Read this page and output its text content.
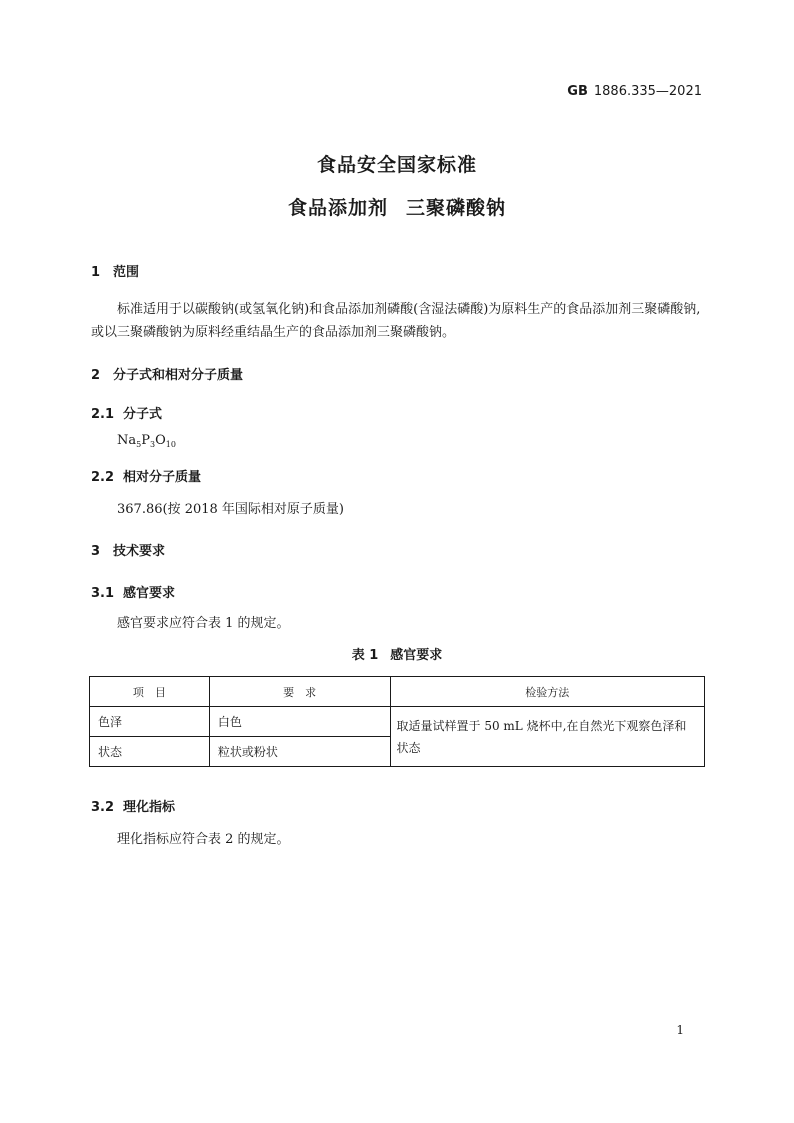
GB 1886.335—2021
食品安全国家标准
食品添加剂 三聚磷酸钠
1 范围
标准适用于以碳酸钠(或氢氧化钠)和食品添加剂磷酸(含湿法磷酸)为原料生产的食品添加剂三聚磷酸钠,或以三聚磷酸钠为原料经重结晶生产的食品添加剂三聚磷酸钠。
2 分子式和相对分子质量
2.1 分子式
$Na_5P_3O_{10}$
2.2 相对分子质量
367.86(按 2018 年国际相对原子质量)
3 技术要求
3.1 感官要求
感官要求应符合表 1 的规定。
表 1 感官要求
项　目	要　求	检验方法
色泽	白色	取适量试样置于 50 mL 烧杯中,在自然光下观察色泽和状态
状态	粒状或粉状	
3.2 理化指标
理化指标应符合表 2 的规定。
1
